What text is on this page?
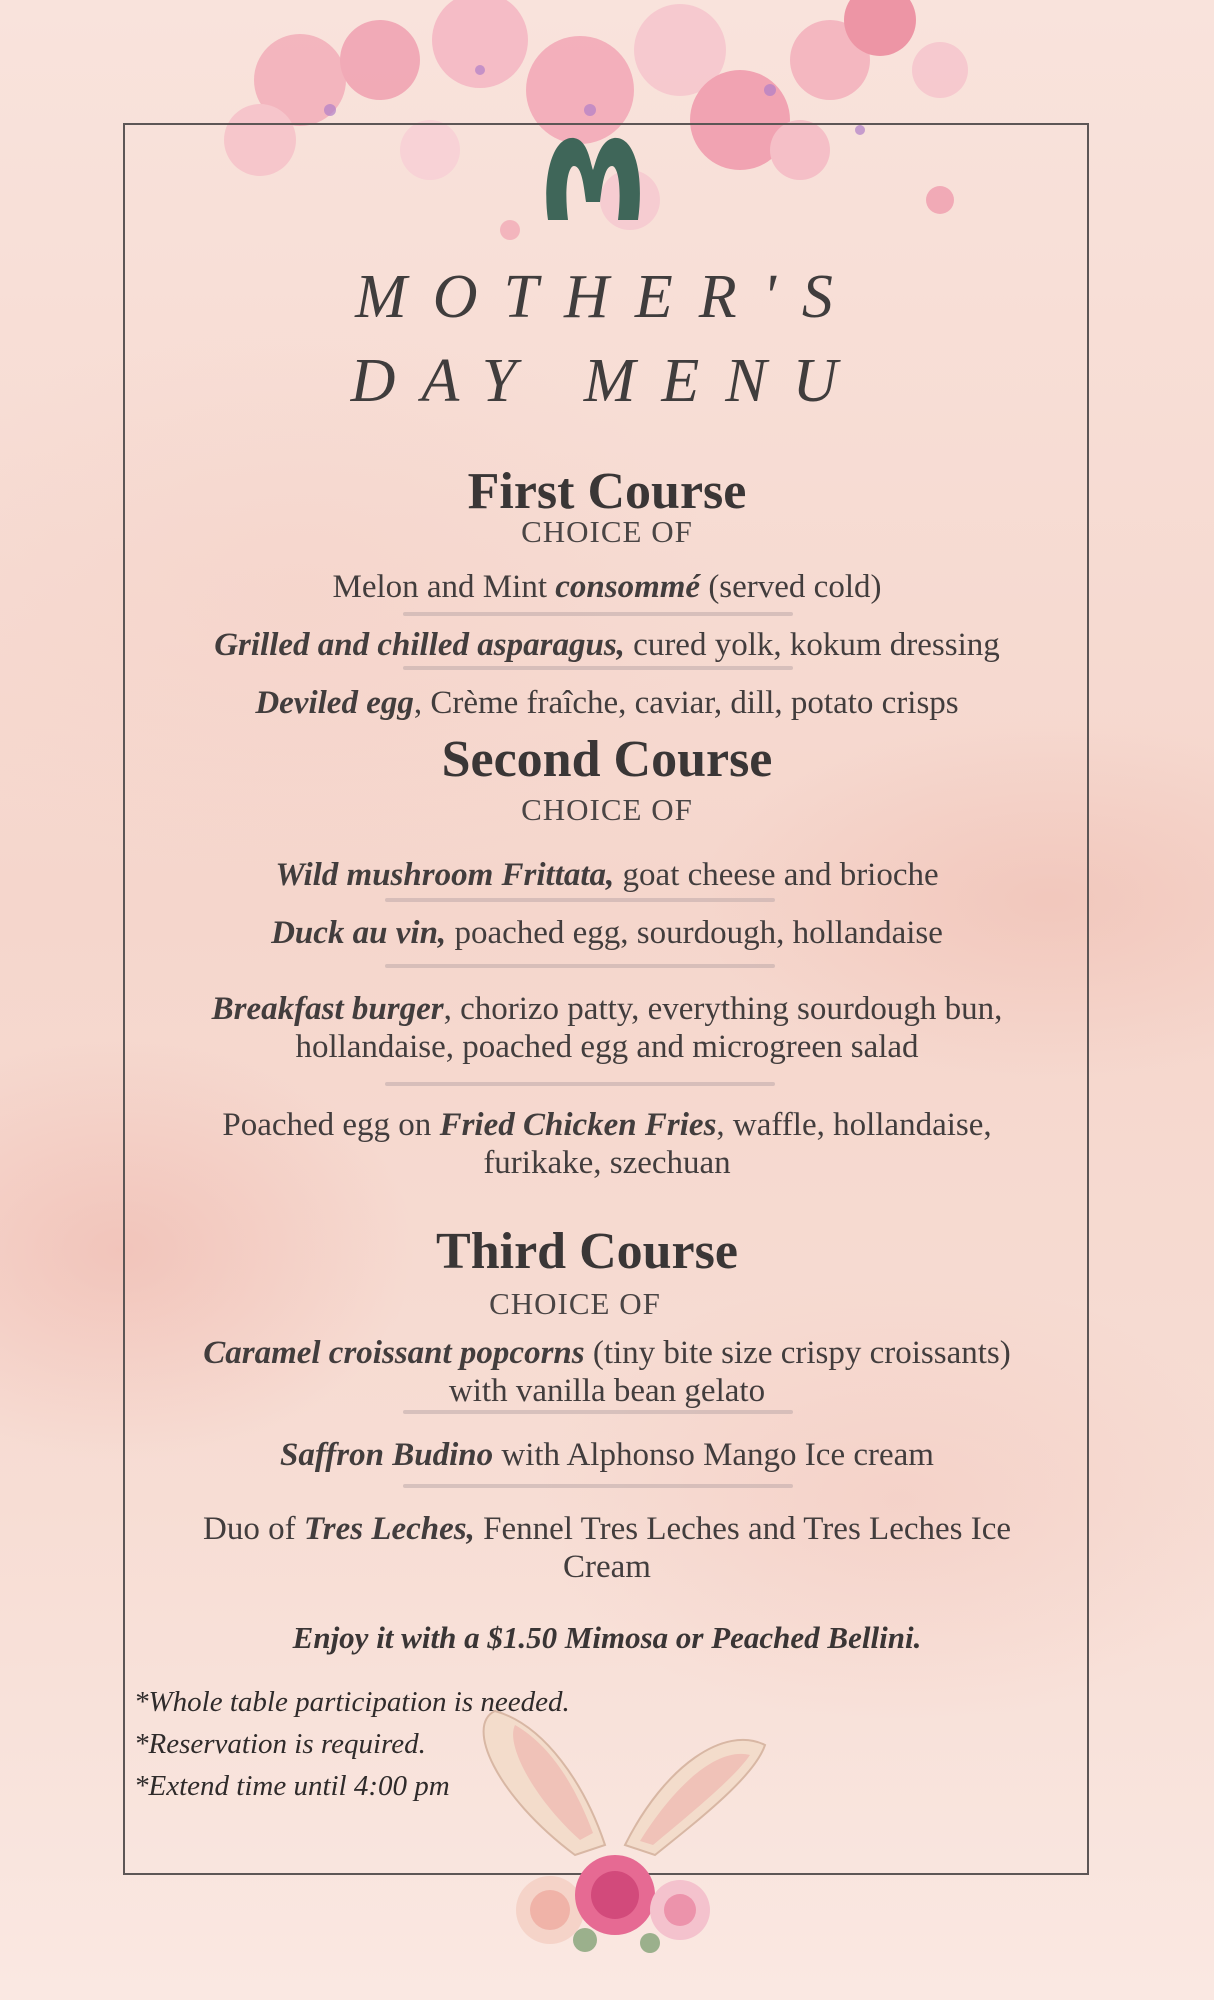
MOTHER'S
DAY MENU
First Course
CHOICE OF
Melon and Mint consommé (served cold)
Grilled and chilled asparagus, cured yolk, kokum dressing
Deviled egg, Crème fraîche, caviar, dill, potato crisps
Second Course
CHOICE OF
Wild mushroom Frittata, goat cheese and brioche
Duck au vin, poached egg, sourdough, hollandaise
Breakfast burger, chorizo patty, everything sourdough bun, hollandaise, poached egg and microgreen salad
Poached egg on Fried Chicken Fries, waffle, hollandaise, furikake, szechuan
Third Course
CHOICE OF
Caramel croissant popcorns (tiny bite size crispy croissants) with vanilla bean gelato
Saffron Budino with Alphonso Mango Ice cream
Duo of Tres Leches, Fennel Tres Leches and Tres Leches Ice Cream
Enjoy it with a $1.50 Mimosa or Peached Bellini.
*Whole table participation is needed.
*Reservation is required.
*Extend time until 4:00 pm
